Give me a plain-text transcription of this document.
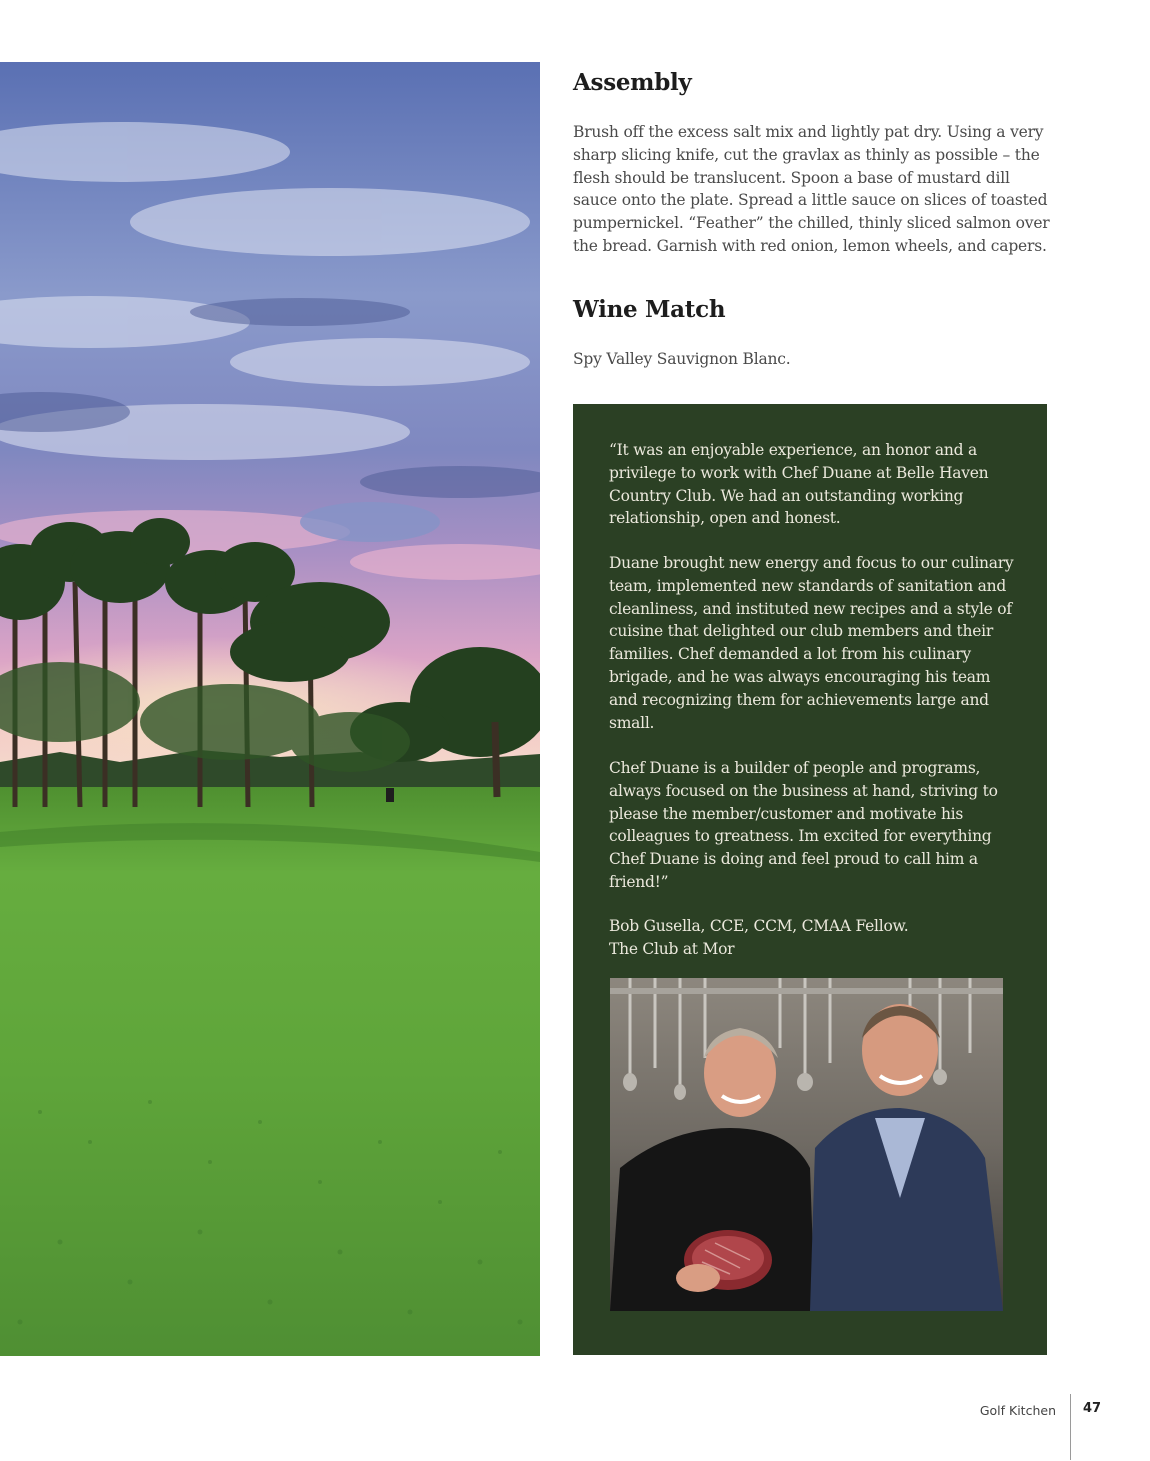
Assembly

Brush off the excess salt mix and lightly pat dry. Using a very sharp slicing knife, cut the gravlax as thinly as possible – the flesh should be translucent. Spoon a base of mustard dill sauce onto the plate. Spread a little sauce on slices of toasted pumpernickel. “Feather” the chilled, thinly sliced salmon over the bread. Garnish with red onion, lemon wheels, and capers.

Wine Match

Spy Valley Sauvignon Blanc.

“It was an enjoyable experience, an honor and a privilege to work with Chef Duane at Belle Haven Country Club. We had an outstanding working relationship, open and honest.

Duane brought new energy and focus to our culinary team, implemented new standards of sanitation and cleanliness, and instituted new recipes and a style of cuisine that delighted our club members and their families. Chef demanded a lot from his culinary brigade, and he was always encouraging his team and recognizing them for achievements large and small.

Chef Duane is a builder of people and programs, always focused on the business at hand, striving to please the member/customer and motivate his colleagues to greatness. Im excited for everything Chef Duane is doing and feel proud to call him a friend!”

Bob Gusella, CCE, CCM, CMAA Fellow.
The Club at Mor

Golf Kitchen 47
